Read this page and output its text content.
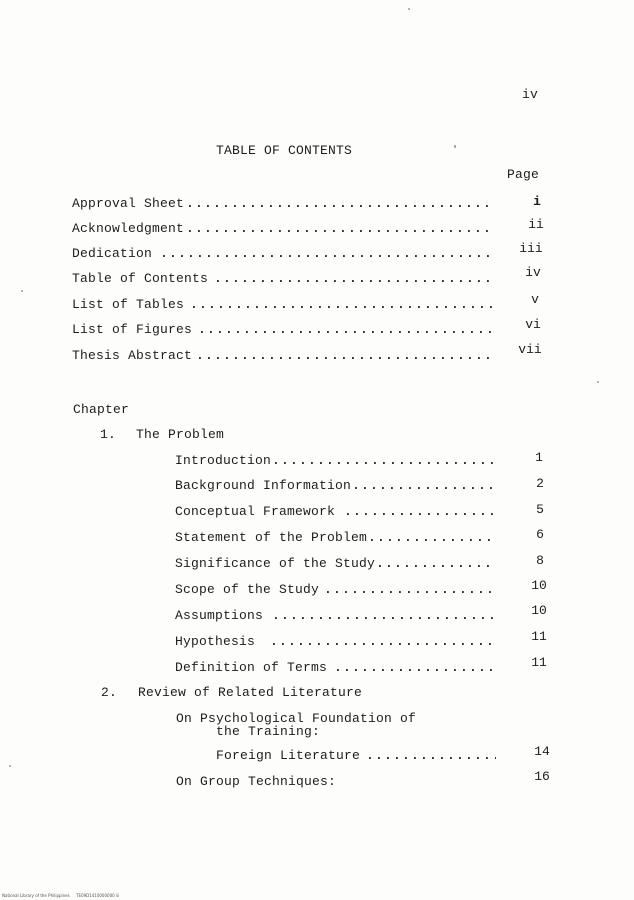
iv
TABLE OF CONTENTS
Page
Approval Sheet .....	i
Acknowledgment .....	ii
Dedication .....	iii
Table of Contents .....	iv
List of Tables .....	v
List of Figures .....	vi
Thesis Abstract .....	vii
Chapter
1. The Problem
Introduction .....	1
Background Information .....	2
Conceptual Framework .....	5
Statement of the Problem .....	6
Significance of the Study .....	8
Scope of the Study .....	10
Assumptions .....	10
Hypothesis .....	11
Definition of Terms .....	11
2. Review of Related Literature
On Psychological Foundation of
the Training:
Foreign Literature .....	14
On Group Techniques:	16
National Library of the Philippines     TE09D1410000000 iii
